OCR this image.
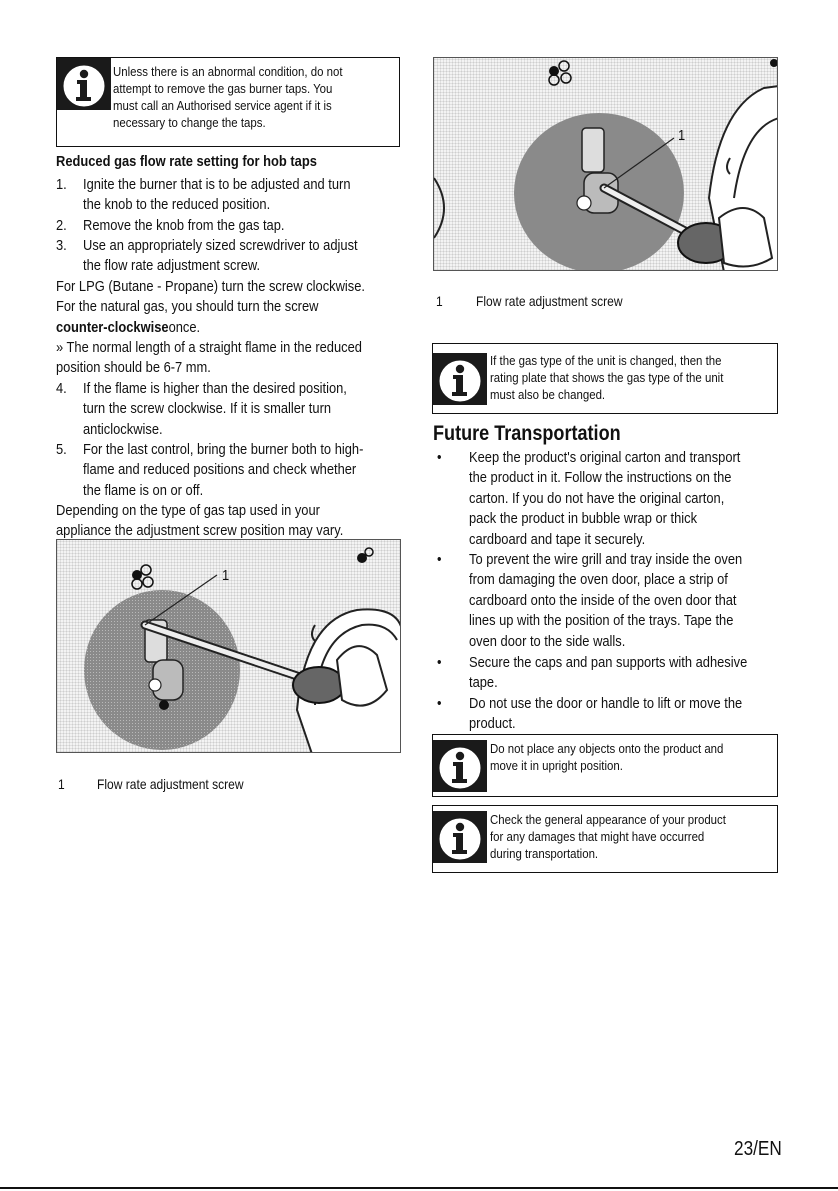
Unless there is an abnormal condition, do not
attempt to remove the gas burner taps. You
must call an Authorised service agent if it is
necessary to change the taps.
Reduced gas flow rate setting for hob taps
1. Ignite the burner that is to be adjusted and turn
the knob to the reduced position.
2. Remove the knob from the gas tap.
3. Use an appropriately sized screwdriver to adjust
the flow rate adjustment screw.
For LPG (Butane - Propane) turn the screw clockwise.
For the natural gas, you should turn the screw
counter-clockwiseonce.
» The normal length of a straight flame in the reduced
position should be 6-7 mm.
4. If the flame is higher than the desired position,
turn the screw clockwise. If it is smaller turn
anticlockwise.
5. For the last control, bring the burner both to high-
flame and reduced positions and check whether
the flame is on or off.
Depending on the type of gas tap used in your
appliance the adjustment screw position may vary.
1
1 Flow rate adjustment screw
1
1 Flow rate adjustment screw
If the gas type of the unit is changed, then the
rating plate that shows the gas type of the unit
must also be changed.
Future Transportation
• Keep the product's original carton and transport
the product in it. Follow the instructions on the
carton. If you do not have the original carton,
pack the product in bubble wrap or thick
cardboard and tape it securely.
• To prevent the wire grill and tray inside the oven
from damaging the oven door, place a strip of
cardboard onto the inside of the oven door that
lines up with the position of the trays. Tape the
oven door to the side walls.
• Secure the caps and pan supports with adhesive
tape.
• Do not use the door or handle to lift or move the
product.
Do not place any objects onto the product and
move it in upright position.
Check the general appearance of your product
for any damages that might have occurred
during transportation.
23/EN
